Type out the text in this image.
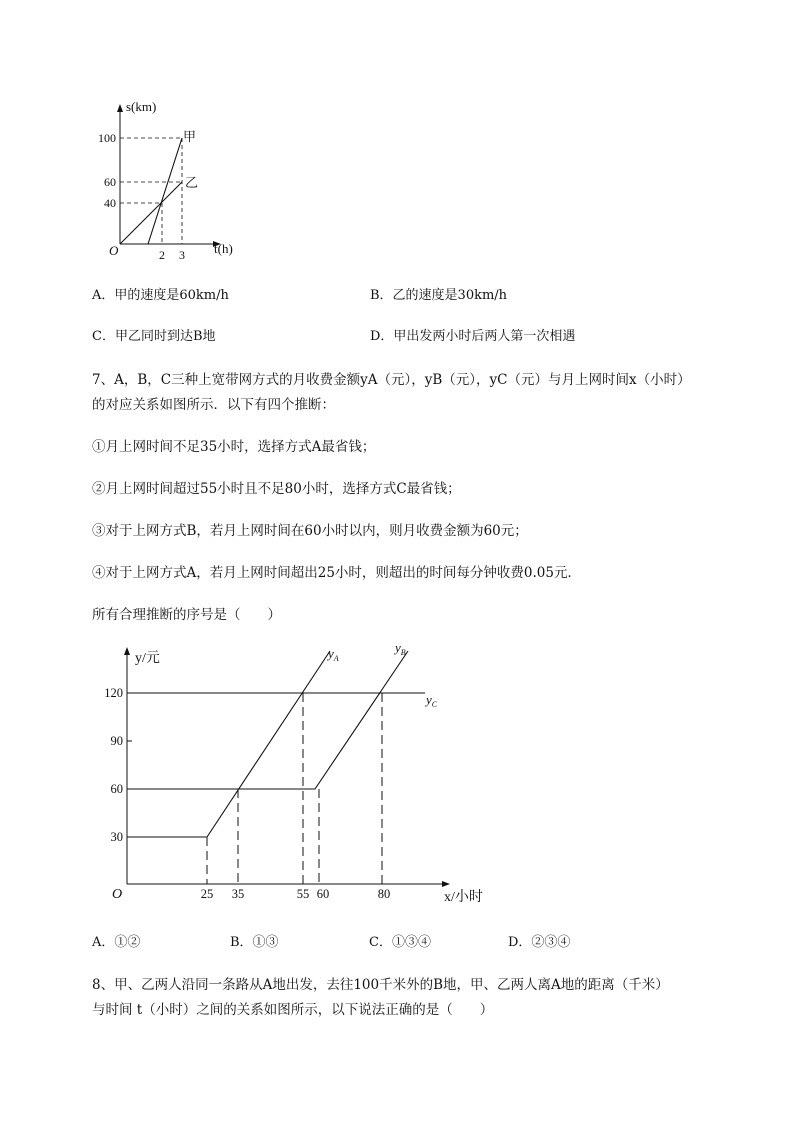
s(km)
t(h)
O
100
60
40
2 3
甲
乙
A．甲的速度是60km/h	B．乙的速度是30km/h
C．甲乙同时到达B地	D．甲出发两小时后两人第一次相遇
7、A，B，C三种上宽带网方式的月收费金额yA（元），yB（元），yC（元）与月上网时间x（小时）
的对应关系如图所示．以下有四个推断：
①月上网时间不足35小时，选择方式A最省钱；
②月上网时间超过55小时且不足80小时，选择方式C最省钱；
③对于上网方式B，若月上网时间在60小时以内，则月收费金额为60元；
④对于上网方式A，若月上网时间超出25小时，则超出的时间每分钟收费0.05元．
所有合理推断的序号是（　　）
y/元
x/小时
O
120
90
60
30
25 35	55 60	80
$y_A$
$y_B$
$y_C$
A．①②	B．①③	C．①③④	D．②③④
8、甲、乙两人沿同一条路从A地出发，去往100千米外的B地，甲、乙两人离A地的距离（千米）
与时间 t（小时）之间的关系如图所示，以下说法正确的是（　　）
